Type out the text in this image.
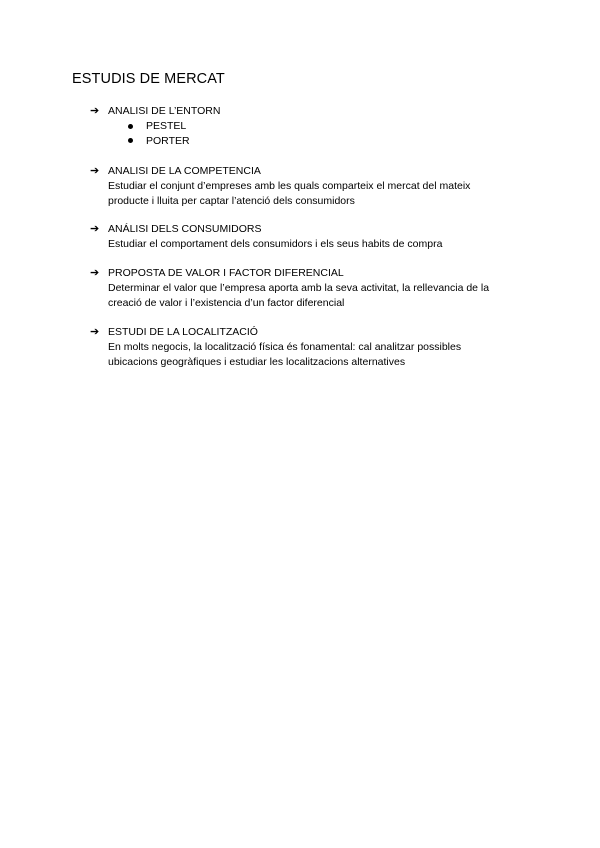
ESTUDIS DE MERCAT
➔ ANALISI DE L’ENTORN
PESTEL
PORTER
➔ ANALISI DE LA COMPETENCIA
Estudiar el conjunt d’empreses amb les quals comparteix el mercat del mateix
producte i lluita per captar l’atenció dels consumidors
➔ ANÁLISI DELS CONSUMIDORS
Estudiar el comportament dels consumidors i els seus habits de compra
➔ PROPOSTA DE VALOR I FACTOR DIFERENCIAL
Determinar el valor que l’empresa aporta amb la seva activitat, la rellevancia de la
creació de valor i l’existencia d’un factor diferencial
➔ ESTUDI DE LA LOCALITZACIÓ
En molts negocis, la localització física és fonamental: cal analitzar possibles
ubicacions geogràfiques i estudiar les localitzacions alternatives
